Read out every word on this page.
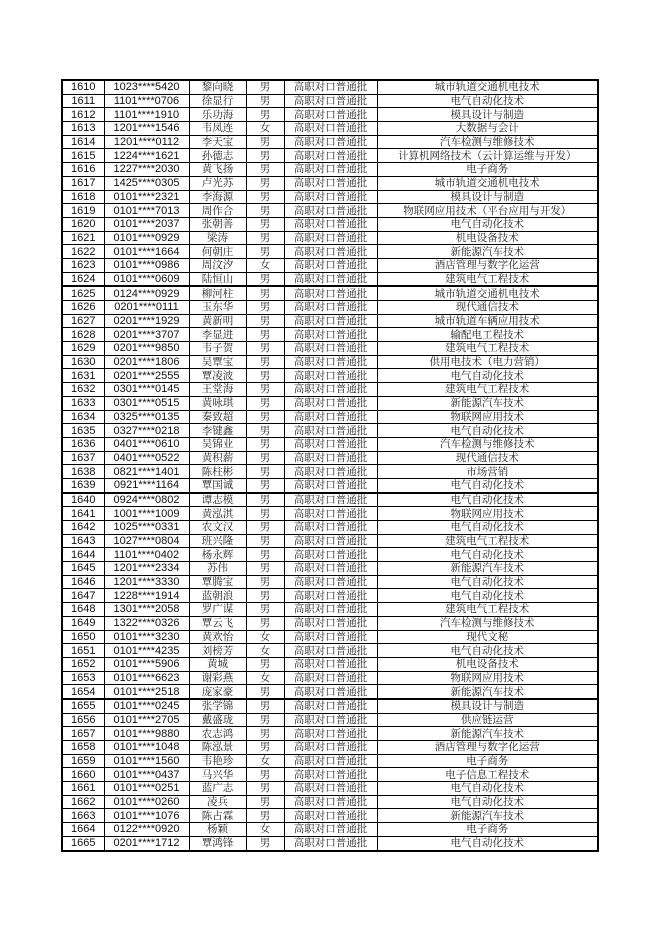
1610	1023****5420	黎向晓	男	高职对口普通批	城市轨道交通机电技术
1611	1101****0706	徐显行	男	高职对口普通批	电气自动化技术
1612	1101****1910	乐功海	男	高职对口普通批	模具设计与制造
1613	1201****1546	韦凤连	女	高职对口普通批	大数据与会计
1614	1201****0112	李天宝	男	高职对口普通批	汽车检测与维修技术
1615	1224****1621	孙德志	男	高职对口普通批	计算机网络技术（云计算运维与开发）
1616	1227****2030	黄飞扬	男	高职对口普通批	电子商务
1617	1425****0305	卢光苏	男	高职对口普通批	城市轨道交通机电技术
1618	0101****2321	李海源	男	高职对口普通批	模具设计与制造
1619	0101****7013	周作合	男	高职对口普通批	物联网应用技术（平台应用与开发）
1620	0101****2037	张朝善	男	高职对口普通批	电气自动化技术
1621	0101****0929	梁涛	男	高职对口普通批	机电设备技术
1622	0101****1664	何朝庄	男	高职对口普通批	新能源汽车技术
1623	0101****0986	周汶汐	女	高职对口普通批	酒店管理与数字化运营
1624	0101****0609	陆恒山	男	高职对口普通批	建筑电气工程技术
1625	0124****0929	柳河柱	男	高职对口普通批	城市轨道交通机电技术
1626	0201****0111	玉东华	男	高职对口普通批	现代通信技术
1627	0201****1929	黄新明	男	高职对口普通批	城市轨道车辆应用技术
1628	0201****3707	李显进	男	高职对口普通批	输配电工程技术
1629	0201****9850	韦子贺	男	高职对口普通批	建筑电气工程技术
1630	0201****1806	吴覃宝	男	高职对口普通批	供用电技术（电力营销）
1631	0201****2555	覃凌波	男	高职对口普通批	电气自动化技术
1632	0301****0145	王堂海	男	高职对口普通批	建筑电气工程技术
1633	0301****0515	黄咏琪	男	高职对口普通批	新能源汽车技术
1634	0325****0135	秦致超	男	高职对口普通批	物联网应用技术
1635	0327****0218	李键鑫	男	高职对口普通批	电气自动化技术
1636	0401****0610	吴锦业	男	高职对口普通批	汽车检测与维修技术
1637	0401****0522	黄积薪	男	高职对口普通批	现代通信技术
1638	0821****1401	陈柱彬	男	高职对口普通批	市场营销
1639	0921****1164	覃国诚	男	高职对口普通批	电气自动化技术
1640	0924****0802	谭志模	男	高职对口普通批	电气自动化技术
1641	1001****1009	黄泓淇	男	高职对口普通批	物联网应用技术
1642	1025****0331	农文汉	男	高职对口普通批	电气自动化技术
1643	1027****0804	班兴隆	男	高职对口普通批	建筑电气工程技术
1644	1101****0402	杨永辉	男	高职对口普通批	电气自动化技术
1645	1201****2334	苏伟	男	高职对口普通批	新能源汽车技术
1646	1201****3330	覃腾宝	男	高职对口普通批	电气自动化技术
1647	1228****1914	蓝朝浪	男	高职对口普通批	电气自动化技术
1648	1301****2058	罗广谋	男	高职对口普通批	建筑电气工程技术
1649	1322****0326	覃云飞	男	高职对口普通批	汽车检测与维修技术
1650	0101****3230	黄欢怡	女	高职对口普通批	现代文秘
1651	0101****4235	刘榜芳	女	高职对口普通批	电气自动化技术
1652	0101****5906	黄城	男	高职对口普通批	机电设备技术
1653	0101****6623	谢彩燕	女	高职对口普通批	物联网应用技术
1654	0101****2518	庞家豪	男	高职对口普通批	新能源汽车技术
1655	0101****0245	张学锦	男	高职对口普通批	模具设计与制造
1656	0101****2705	戴盛珑	男	高职对口普通批	供应链运营
1657	0101****9880	农志鸿	男	高职对口普通批	新能源汽车技术
1658	0101****1048	陈泓景	男	高职对口普通批	酒店管理与数字化运营
1659	0101****1560	韦艳珍	女	高职对口普通批	电子商务
1660	0101****0437	马兴华	男	高职对口普通批	电子信息工程技术
1661	0101****0251	蓝广志	男	高职对口普通批	电气自动化技术
1662	0101****0260	凌兵	男	高职对口普通批	电气自动化技术
1663	0101****1076	陈占霖	男	高职对口普通批	新能源汽车技术
1664	0122****0920	杨颖	女	高职对口普通批	电子商务
1665	0201****1712	覃鸿锋	男	高职对口普通批	电气自动化技术
